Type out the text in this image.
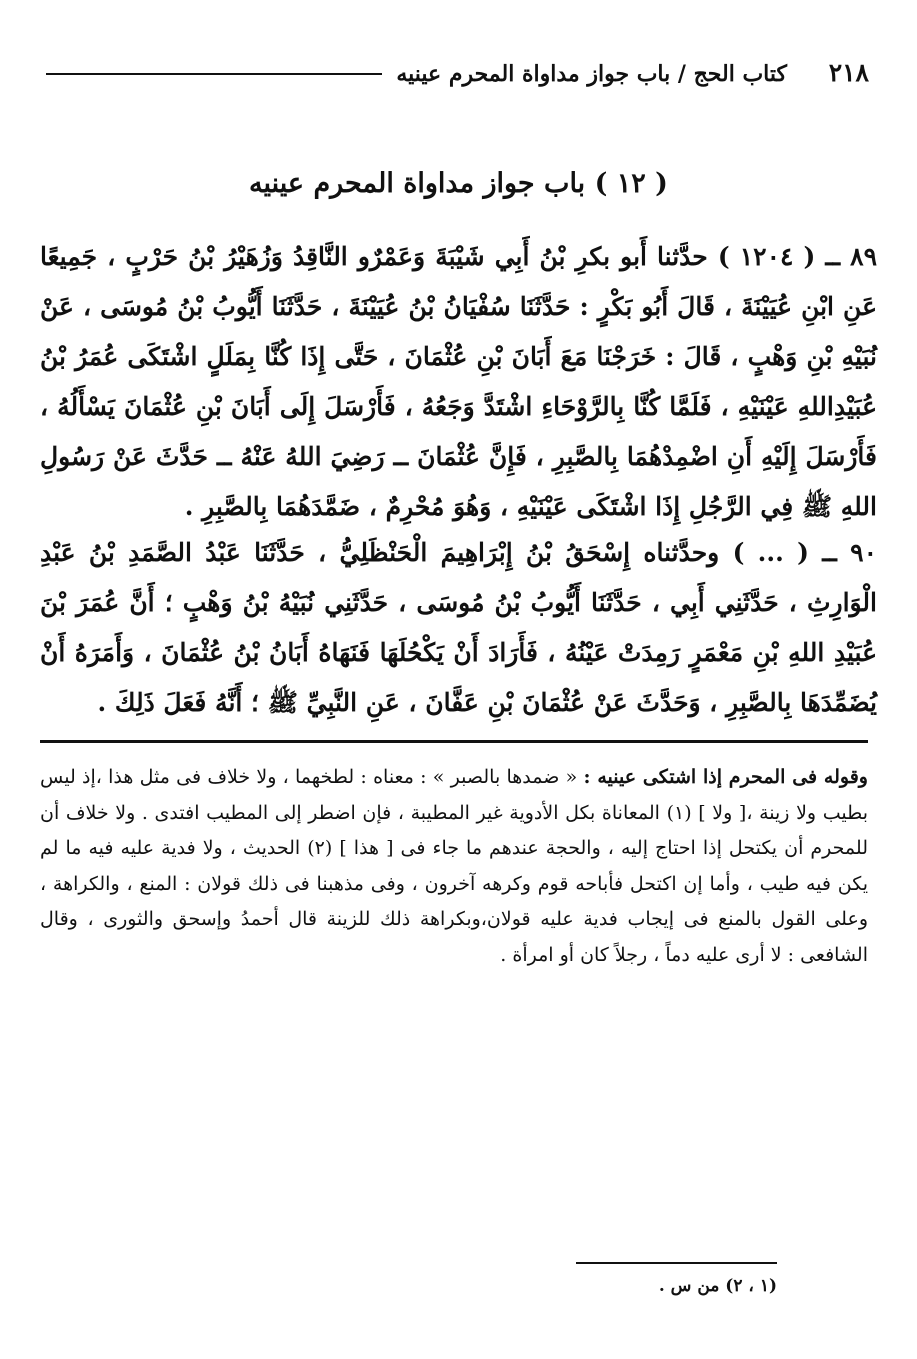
٢١٨
كتاب الحج / باب جواز مداواة المحرم عينيه
( ١٢ ) باب جواز مداواة المحرم عينيه
٨٩ ــ ( ١٢٠٤ ) حدَّثنا أَبو بكرِ بْنُ أَبِي شَيْبَةَ وَعَمْرٌو النَّاقِدُ وَزُهَيْرُ بْنُ حَرْبٍ ، جَمِيعًا عَنِ ابْنِ عُيَيْنَةَ ، قَالَ أَبُو بَكْرٍ : حَدَّثَنَا سُفْيَانُ بْنُ عُيَيْنَةَ ، حَدَّثَنَا أَيُّوبُ بْنُ مُوسَى ، عَنْ نُبَيْهِ بْنِ وَهْبٍ ، قَالَ : خَرَجْنَا مَعَ أَبَانَ بْنِ عُثْمَانَ ، حَتَّى إِذَا كُنَّا بِمَلَلٍ اشْتَكَى عُمَرُ بْنُ عُبَيْدِاللهِ عَيْنَيْهِ ، فَلَمَّا كُنَّا بِالرَّوْحَاءِ اشْتَدَّ وَجَعُهُ ، فَأَرْسَلَ إِلَى أَبَانَ بْنِ عُثْمَانَ يَسْأَلُهُ ، فَأَرْسَلَ إِلَيْهِ أَنِ اضْمِدْهُمَا بِالصَّبِرِ ، فَإِنَّ عُثْمَانَ ــ رَضِيَ اللهُ عَنْهُ ــ حَدَّثَ عَنْ رَسُولِ اللهِ ﷺ فِي الرَّجُلِ إِذَا اشْتَكَى عَيْنَيْهِ ، وَهُوَ مُحْرِمٌ ، ضَمَّدَهُمَا بِالصَّبِرِ .
٩٠ ــ ( ... ) وحدَّثناه إِسْحَقُ بْنُ إِبْرَاهِيمَ الْحَنْظَلِيُّ ، حَدَّثَنَا عَبْدُ الصَّمَدِ بْنُ عَبْدِ الْوَارِثِ ، حَدَّثَنِي أَبِي ، حَدَّثَنَا أَيُّوبُ بْنُ مُوسَى ، حَدَّثَنِي نُبَيْهُ بْنُ وَهْبٍ ؛ أَنَّ عُمَرَ بْنَ عُبَيْدِ اللهِ بْنِ مَعْمَرٍ رَمِدَتْ عَيْنُهُ ، فَأَرَادَ أَنْ يَكْحُلَهَا فَنَهَاهُ أَبَانُ بْنُ عُثْمَانَ ، وَأَمَرَهُ أَنْ يُضَمِّدَهَا بِالصَّبِرِ ، وَحَدَّثَ عَنْ عُثْمَانَ بْنِ عَفَّانَ ، عَنِ النَّبِيِّ ﷺ ؛ أَنَّهُ فَعَلَ ذَلِكَ .
وقوله فى المحرم إذا اشتكى عينيه : « ضمدها بالصبر » : معناه : لطخهما ، ولا خلاف فى مثل هذا ،إذ ليس بطيب ولا زينة ،[ ولا ] (١) المعاناة بكل الأدوية غير المطيبة ، فإن اضطر إلى المطيب افتدى . ولا خلاف أن للمحرم أن يكتحل إذا احتاج إليه ، والحجة عندهم ما جاء فى [ هذا ] (٢) الحديث ، ولا فدية عليه فيه ما لم يكن فيه طيب ، وأما إن اكتحل فأباحه قوم وكرهه آخرون ، وفى مذهبنا فى ذلك قولان : المنع ، والكراهة ، وعلى القول بالمنع فى إيجاب فدية عليه قولان،وبكراهة ذلك للزينة قال أحمدُ وإسحق والثورى ، وقال الشافعى : لا أرى عليه دماً ، رجلاً كان أو امرأة .
(١ ، ٢) من س .
